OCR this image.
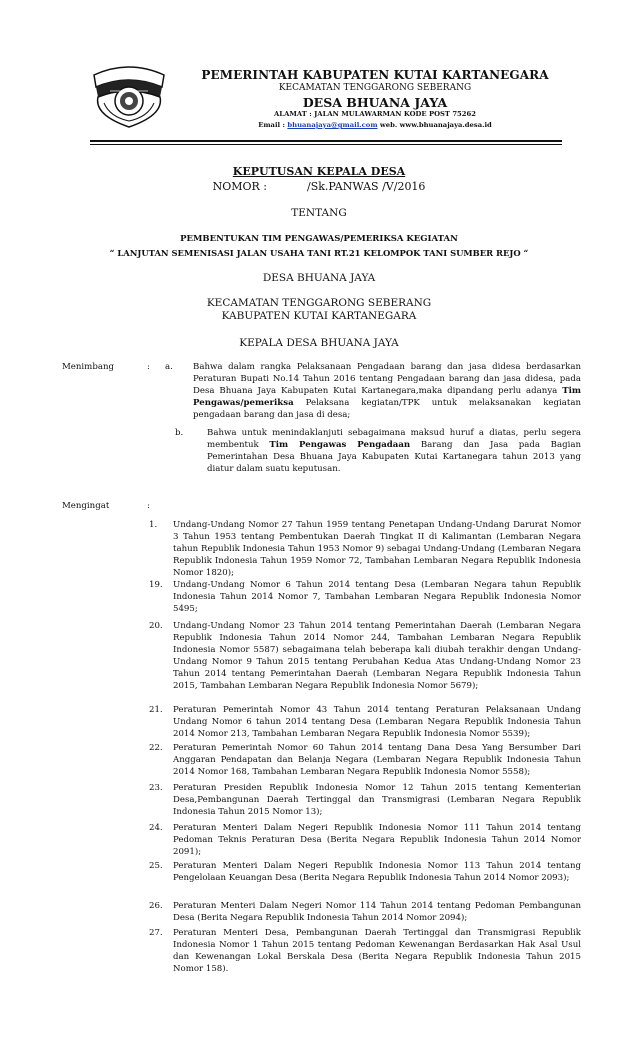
PEMERINTAH KABUPATEN KUTAI KARTANEGARA
KECAMATAN TENGGARONG SEBERANG
DESA BHUANA JAYA
ALAMAT : JALAN MULAWARMAN KODE POST 75262
Email : bhuanajaya@gmail.com web. www.bhuanajaya.desa.id
KEPUTUSAN KEPALA DESA
NOMOR :	/Sk.PANWAS /V/2016
TENTANG
PEMBENTUKAN TIM PENGAWAS/PEMERIKSA KEGIATAN
“ LANJUTAN SEMENISASI JALAN USAHA TANI RT.21 KELOMPOK TANI SUMBER REJO “
DESA BHUANA JAYA
KECAMATAN TENGGARONG SEBERANG
KABUPATEN KUTAI KARTANEGARA
KEPALA DESA BHUANA JAYA
Menimbang	: a. Bahwa dalam rangka Pelaksanaan Pengadaan barang dan jasa didesa berdasarkan Peraturan Bupati No.14 Tahun 2016 tentang Pengadaan barang dan jasa didesa, pada Desa Bhuana Jaya Kabupaten Kutai Kartanegara,maka dipandang perlu adanya Tim Pengawas/pemeriksa Pelaksana kegiatan/TPK untuk melaksanakan kegiatan pengadaan barang dan jasa di desa;
b.	Bahwa untuk menindaklanjuti sebagaimana maksud huruf a diatas, perlu segera membentuk Tim Pengawas Pengadaan Barang dan Jasa pada Bagian Pemerintahan Desa Bhuana Jaya Kabupaten Kutai Kartanegara tahun 2013 yang diatur dalam suatu keputusan.
Mengingat	:
1. Undang-Undang Nomor 27 Tahun 1959 tentang Penetapan Undang-Undang Darurat Nomor 3 Tahun 1953 tentang Pembentukan Daerah Tingkat II di Kalimantan (Lembaran Negara tahun Republik Indonesia Tahun 1953 Nomor 9) sebagai Undang-Undang (Lembaran Negara Republik Indonesia Tahun 1959 Nomor 72, Tambahan Lembaran Negara Republik Indonesia Nomor 1820);
19. Undang-Undang Nomor 6 Tahun 2014 tentang Desa (Lembaran Negara tahun Republik Indonesia Tahun 2014 Nomor 7, Tambahan Lembaran Negara Republik Indonesia Nomor 5495;
20. Undang-Undang Nomor 23 Tahun 2014 tentang Pemerintahan Daerah (Lembaran Negara Republik Indonesia Tahun 2014 Nomor 244, Tambahan Lembaran Negara Republik Indonesia Nomor 5587) sebagaimana telah beberapa kali diubah terakhir dengan Undang-Undang Nomor 9 Tahun 2015 tentang Perubahan Kedua Atas Undang-Undang Nomor 23 Tahun 2014 tentang Pemerintahan Daerah (Lembaran Negara Republik Indonesia Tahun 2015, Tambahan Lembaran Negara Republik Indonesia Nomor 5679);
21. Peraturan Pemerintah Nomor 43 Tahun 2014 tentang Peraturan Pelaksanaan Undang Undang Nomor 6 tahun 2014 tentang Desa (Lembaran Negara Republik Indonesia Tahun 2014 Nomor 213, Tambahan Lembaran Negara Republik Indonesia Nomor 5539);
22. Peraturan Pemerintah Nomor 60 Tahun 2014 tentang Dana Desa Yang Bersumber Dari Anggaran Pendapatan dan Belanja Negara (Lembaran Negara Republik Indonesia Tahun 2014 Nomor 168, Tambahan Lembaran Negara Republik Indonesia Nomor 5558);
23. Peraturan Presiden Republik Indonesia Nomor 12 Tahun 2015 tentang Kementerian Desa,Pembangunan Daerah Tertinggal dan Transmigrasi (Lembaran Negara Republik Indonesia Tahun 2015 Nomor 13);
24. Peraturan Menteri Dalam Negeri Republik Indonesia Nomor 111 Tahun 2014 tentang Pedoman Teknis Peraturan Desa (Berita Negara Republik Indonesia Tahun 2014 Nomor 2091);
25. Peraturan Menteri Dalam Negeri Republik Indonesia Nomor 113 Tahun 2014 tentang Pengelolaan Keuangan Desa (Berita Negara Republik Indonesia Tahun 2014 Nomor 2093);
26. Peraturan Menteri Dalam Negeri Nomor 114 Tahun 2014 tentang Pedoman Pembangunan Desa (Berita Negara Republik Indonesia Tahun 2014 Nomor 2094);
27. Peraturan Menteri Desa, Pembangunan Daerah Tertinggal dan Transmigrasi Republik Indonesia Nomor 1 Tahun 2015 tentang Pedoman Kewenangan Berdasarkan Hak Asal Usul dan Kewenangan Lokal Berskala Desa (Berita Negara Republik Indonesia Tahun 2015 Nomor 158).
